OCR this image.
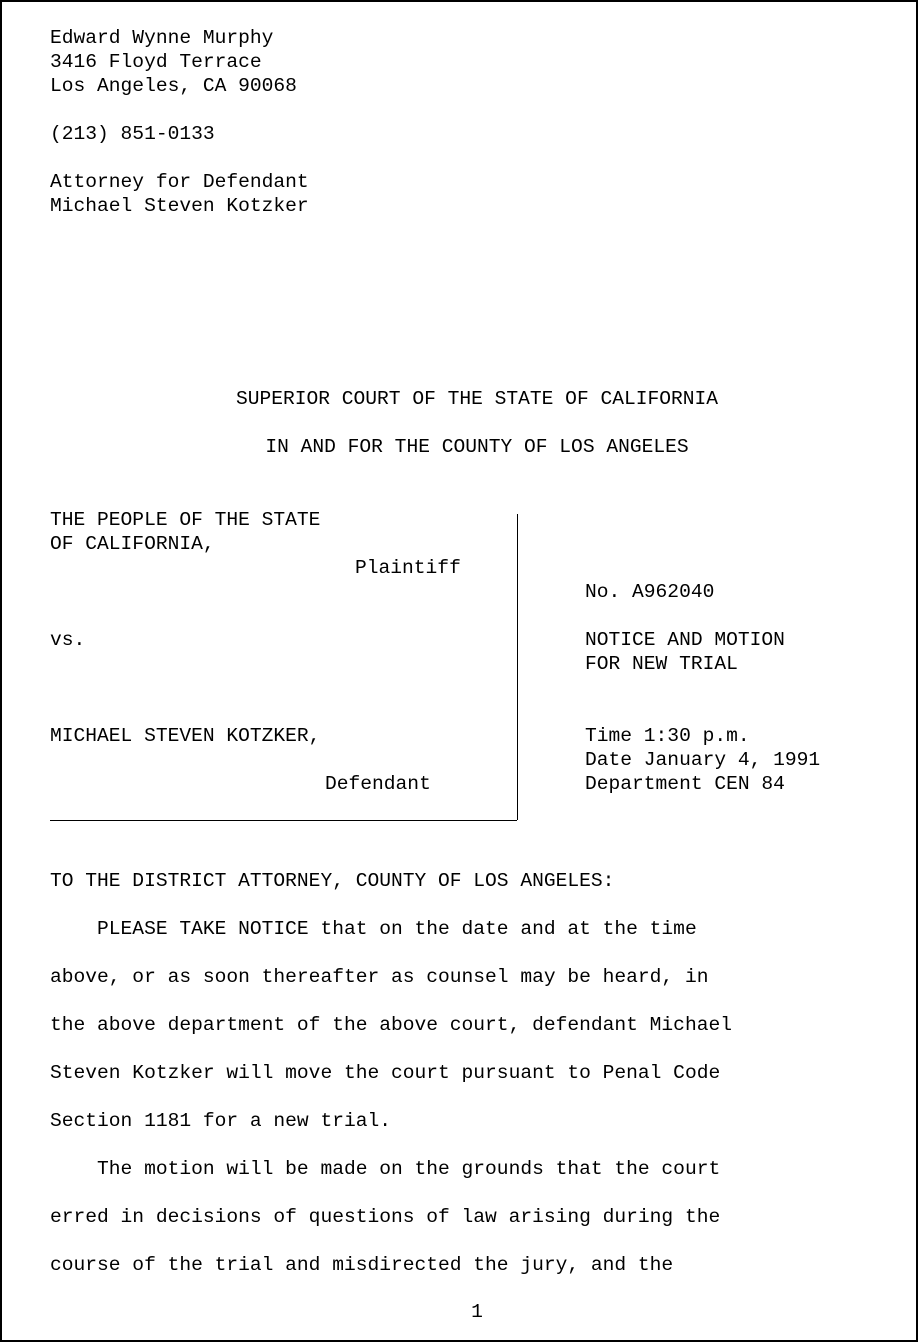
Edward Wynne Murphy
3416 Floyd Terrace
Los Angeles, CA 90068
(213) 851-0133
Attorney for Defendant
Michael Steven Kotzker
SUPERIOR COURT OF THE STATE OF CALIFORNIA
IN AND FOR THE COUNTY OF LOS ANGELES
THE PEOPLE OF THE STATE
OF CALIFORNIA,
Plaintiff
vs.
MICHAEL STEVEN KOTZKER,
Defendant
No. A962040
NOTICE AND MOTION
FOR NEW TRIAL
Time 1:30 p.m.
Date January 4, 1991
Department CEN 84
TO THE DISTRICT ATTORNEY, COUNTY OF LOS ANGELES:
PLEASE TAKE NOTICE that on the date and at the time
above, or as soon thereafter as counsel may be heard, in
the above department of the above court, defendant Michael
Steven Kotzker will move the court pursuant to Penal Code
Section 1181 for a new trial.
The motion will be made on the grounds that the court
erred in decisions of questions of law arising during the
course of the trial and misdirected the jury, and the
1
